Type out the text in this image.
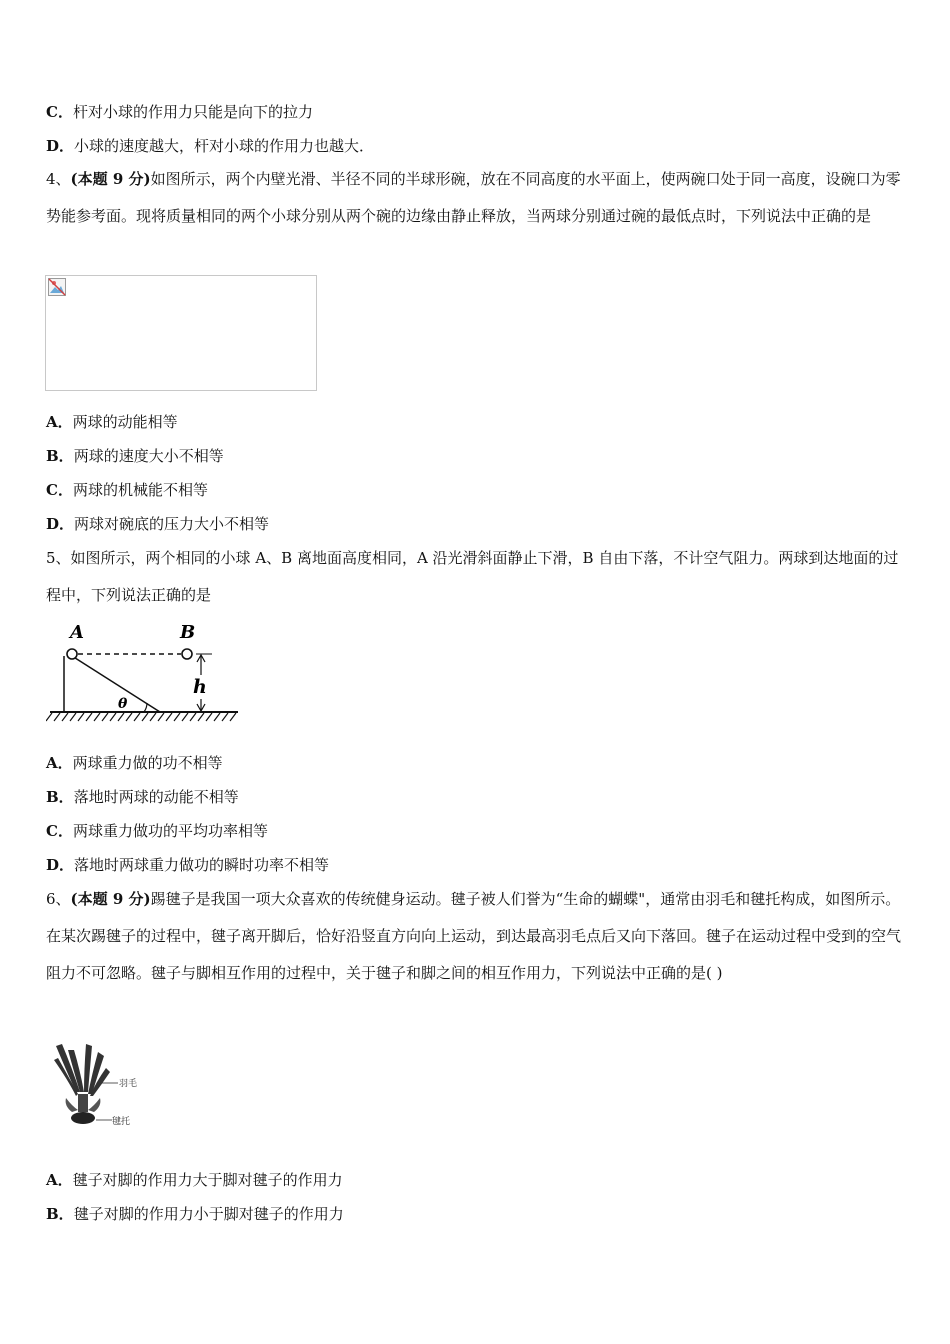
C．杆对小球的作用力只能是向下的拉力
D．小球的速度越大，杆对小球的作用力也越大．
4、(本题 9 分)如图所示，两个内壁光滑、半径不同的半球形碗，放在不同高度的水平面上，使两碗口处于同一高度，设碗口为零势能参考面。现将质量相同的两个小球分别从两个碗的边缘由静止释放，当两球分别通过碗的最低点时，下列说法中正确的是
A．两球的动能相等
B．两球的速度大小不相等
C．两球的机械能不相等
D．两球对碗底的压力大小不相等
5、如图所示，两个相同的小球 A、B 离地面高度相同，A 沿光滑斜面静止下滑，B 自由下落，不计空气阻力。两球到达地面的过程中，下列说法正确的是
A	B
h
θ
A．两球重力做的功不相等
B．落地时两球的动能不相等
C．两球重力做功的平均功率相等
D．落地时两球重力做功的瞬时功率不相等
6、(本题 9 分)踢毽子是我国一项大众喜欢的传统健身运动。毽子被人们誉为“生命的蝴蝶"，通常由羽毛和毽托构成，如图所示。在某次踢毽子的过程中，毽子离开脚后，恰好沿竖直方向向上运动，到达最高羽毛点后又向下落回。毽子在运动过程中受到的空气阻力不可忽略。毽子与脚相互作用的过程中，关于毽子和脚之间的相互作用力，下列说法中正确的是( )
羽毛
毽托
A．毽子对脚的作用力大于脚对毽子的作用力
B．毽子对脚的作用力小于脚对毽子的作用力
